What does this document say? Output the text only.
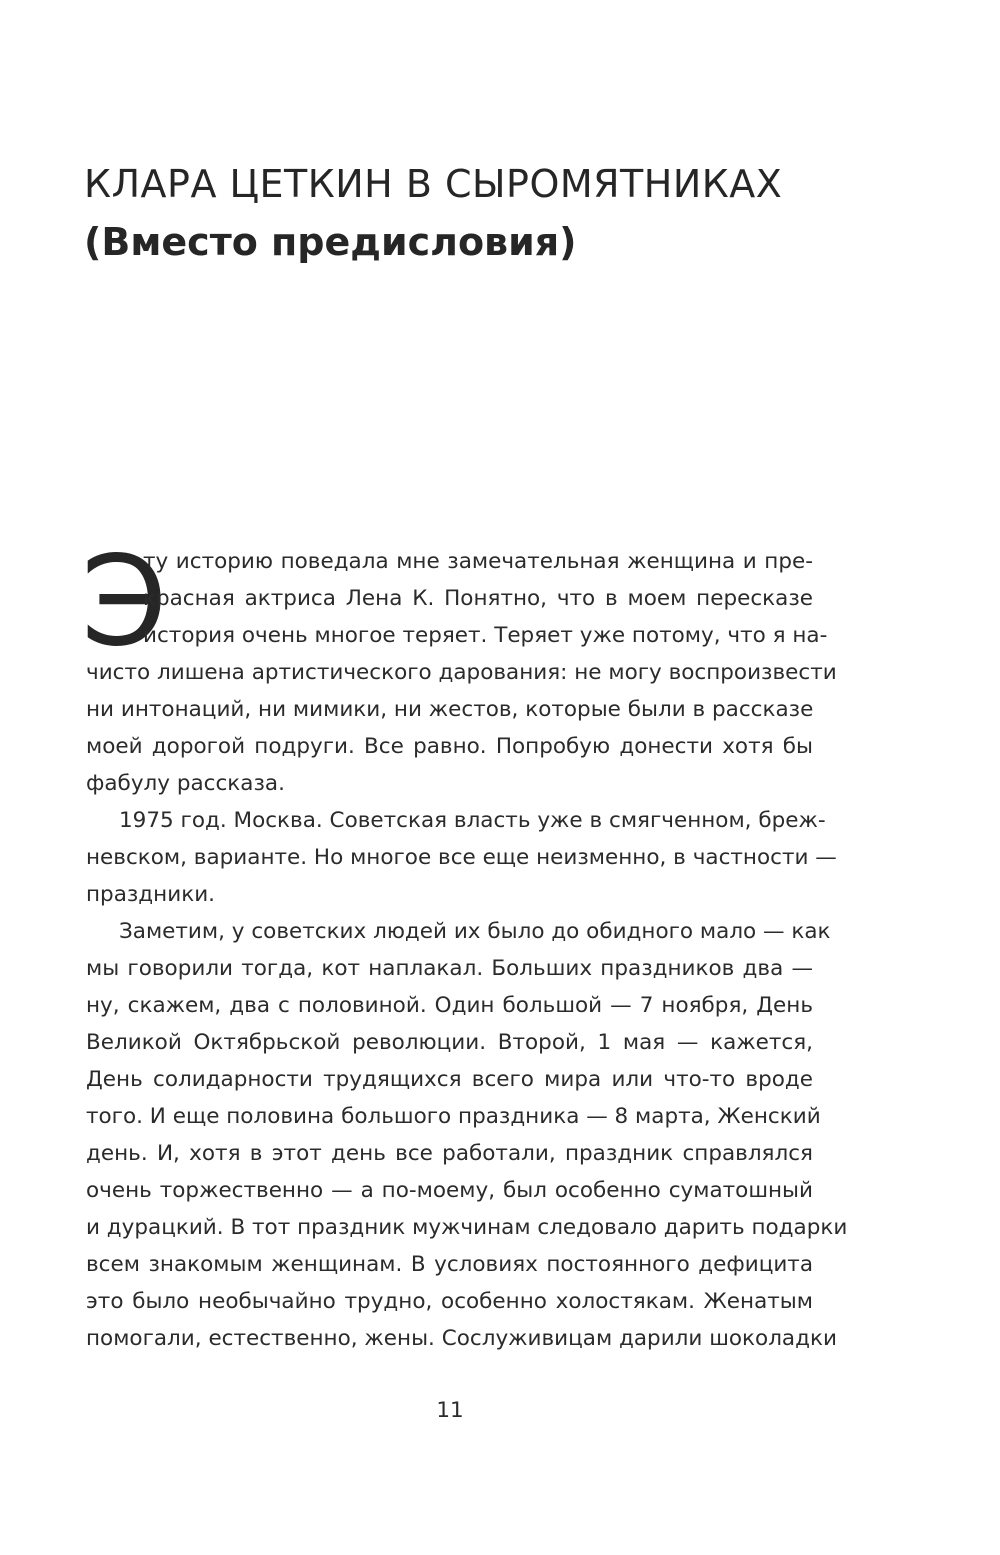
КЛАРА ЦЕТКИН В СЫРОМЯТНИКАХ
(Вместо предисловия)
Э
ту историю поведала мне замечательная женщина и пре-
красная актриса Лена К. Понятно, что в моем пересказе
история очень многое теряет. Теряет уже потому, что я на-
чисто лишена артистического дарования: не могу воспроизвести
ни интонаций, ни мимики, ни жестов, которые были в рассказе
моей дорогой подруги. Все равно. Попробую донести хотя бы
фабулу рассказа.
1975 год. Москва. Советская власть уже в смягченном, бреж-
невском, варианте. Но многое все еще неизменно, в частности —
праздники.
Заметим, у советских людей их было до обидного мало — как
мы говорили тогда, кот наплакал. Больших праздников два —
ну, скажем, два с половиной. Один большой — 7 ноября, День
Великой Октябрьской революции. Второй, 1 мая — кажется,
День солидарности трудящихся всего мира или что-то вроде
того. И еще половина большого праздника — 8 марта, Женский
день. И, хотя в этот день все работали, праздник справлялся
очень торжественно — а по-моему, был особенно суматошный
и дурацкий. В тот праздник мужчинам следовало дарить подарки
всем знакомым женщинам. В условиях постоянного дефицита
это было необычайно трудно, особенно холостякам. Женатым
помогали, естественно, жены. Сослуживицам дарили шоколадки
11
